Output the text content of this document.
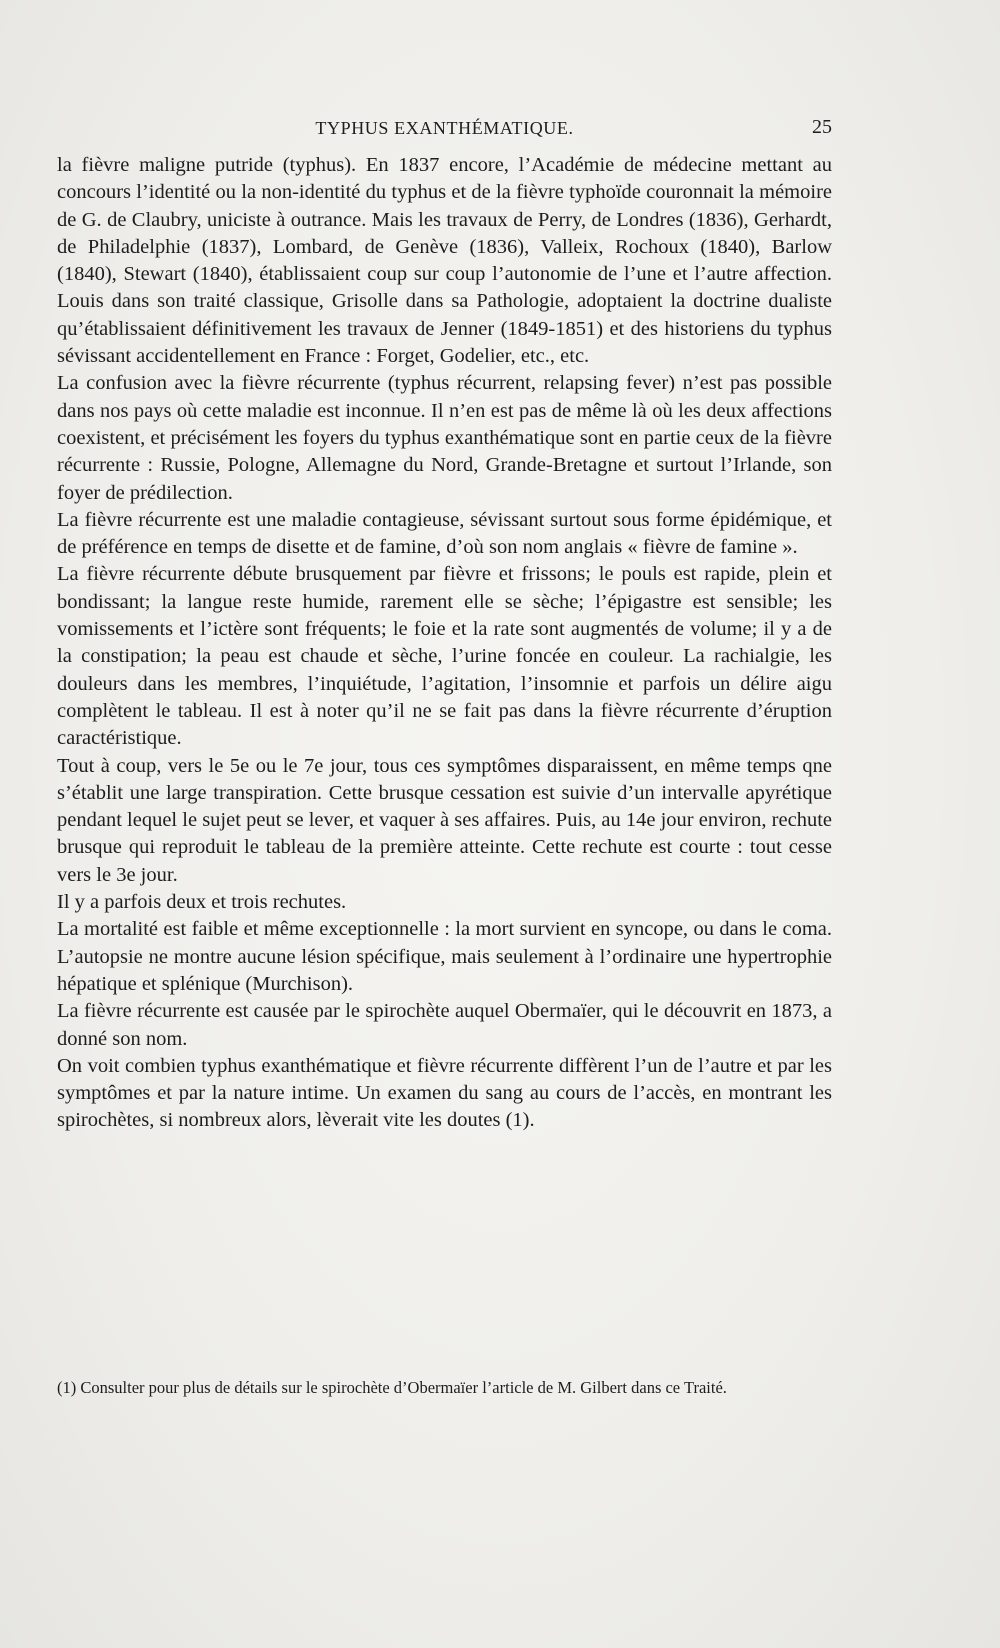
TYPHUS EXANTHÉMATIQUE.	25

la fièvre maligne putride (typhus). En 1837 encore, l’Académie de médecine mettant au concours l’identité ou la non-identité du typhus et de la fièvre typhoïde couronnait la mémoire de G. de Claubry, uniciste à outrance. Mais les travaux de Perry, de Londres (1836), Gerhardt, de Philadelphie (1837), Lombard, de Genève (1836), Valleix, Rochoux (1840), Barlow (1840), Stewart (1840), établissaient coup sur coup l’autonomie de l’une et l’autre affection. Louis dans son traité classique, Grisolle dans sa Pathologie, adoptaient la doctrine dualiste qu’établissaient définitivement les travaux de Jenner (1849-1851) et des historiens du typhus sévissant accidentellement en France : Forget, Godelier, etc., etc.

La confusion avec la fièvre récurrente (typhus récurrent, relapsing fever) n’est pas possible dans nos pays où cette maladie est inconnue. Il n’en est pas de même là où les deux affections coexistent, et précisément les foyers du typhus exanthématique sont en partie ceux de la fièvre récurrente : Russie, Pologne, Allemagne du Nord, Grande-Bretagne et surtout l’Irlande, son foyer de prédilection.

La fièvre récurrente est une maladie contagieuse, sévissant surtout sous forme épidémique, et de préférence en temps de disette et de famine, d’où son nom anglais « fièvre de famine ».

La fièvre récurrente débute brusquement par fièvre et frissons; le pouls est rapide, plein et bondissant; la langue reste humide, rarement elle se sèche; l’épigastre est sensible; les vomissements et l’ictère sont fréquents; le foie et la rate sont augmentés de volume; il y a de la constipation; la peau est chaude et sèche, l’urine foncée en couleur. La rachialgie, les douleurs dans les membres, l’inquiétude, l’agitation, l’insomnie et parfois un délire aigu complètent le tableau. Il est à noter qu’il ne se fait pas dans la fièvre récurrente d’éruption caractéristique.

Tout à coup, vers le 5e ou le 7e jour, tous ces symptômes disparaissent, en même temps qne s’établit une large transpiration. Cette brusque cessation est suivie d’un intervalle apyrétique pendant lequel le sujet peut se lever, et vaquer à ses affaires. Puis, au 14e jour environ, rechute brusque qui reproduit le tableau de la première atteinte. Cette rechute est courte : tout cesse vers le 3e jour.

Il y a parfois deux et trois rechutes.

La mortalité est faible et même exceptionnelle : la mort survient en syncope, ou dans le coma. L’autopsie ne montre aucune lésion spécifique, mais seulement à l’ordinaire une hypertrophie hépatique et splénique (Murchison).

La fièvre récurrente est causée par le spirochète auquel Obermaïer, qui le découvrit en 1873, a donné son nom.

On voit combien typhus exanthématique et fièvre récurrente diffèrent l’un de l’autre et par les symptômes et par la nature intime. Un examen du sang au cours de l’accès, en montrant les spirochètes, si nombreux alors, lèverait vite les doutes (1).

(1) Consulter pour plus de détails sur le spirochète d’Obermaïer l’article de M. Gilbert dans ce Traité.
